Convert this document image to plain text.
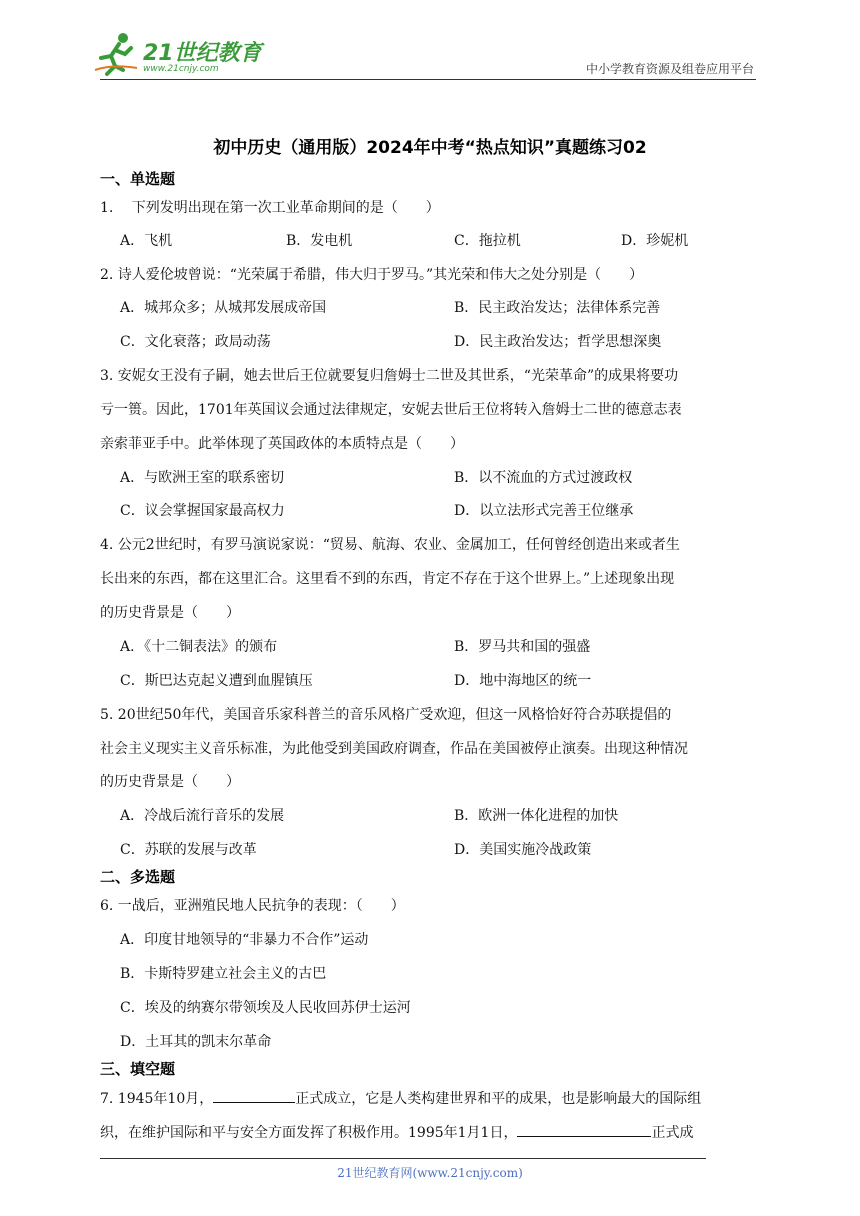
21世纪教育
www.21cnjy.com	中小学教育资源及组卷应用平台
初中历史（通用版）2024年中考“热点知识”真题练习02
一、单选题
1.　 下列发明出现在第一次工业革命期间的是（　　）
A．飞机	B．发电机	C．拖拉机	D．珍妮机
2. 诗人爱伦坡曾说：“光荣属于希腊，伟大归于罗马。”其光荣和伟大之处分别是（　　）
A．城邦众多；从城邦发展成帝国	B．民主政治发达；法律体系完善
C．文化衰落；政局动荡	D．民主政治发达；哲学思想深奥
3. 安妮女王没有子嗣，她去世后王位就要复归詹姆士二世及其世系，“光荣革命”的成果将要功
亏一篑。因此，1701年英国议会通过法律规定，安妮去世后王位将转入詹姆士二世的德意志表
亲索菲亚手中。此举体现了英国政体的本质特点是（　　）
A．与欧洲王室的联系密切	B．以不流血的方式过渡政权
C．议会掌握国家最高权力	D．以立法形式完善王位继承
4. 公元2世纪时，有罗马演说家说：“贸易、航海、农业、金属加工，任何曾经创造出来或者生
长出来的东西，都在这里汇合。这里看不到的东西，肯定不存在于这个世界上。”上述现象出现
的历史背景是（　　）
A．《十二铜表法》的颁布	B．罗马共和国的强盛
C．斯巴达克起义遭到血腥镇压	D．地中海地区的统一
5. 20世纪50年代，美国音乐家科普兰的音乐风格广受欢迎，但这一风格恰好符合苏联提倡的
社会主义现实主义音乐标准，为此他受到美国政府调查，作品在美国被停止演奏。出现这种情况
的历史背景是（　　）
A．冷战后流行音乐的发展	B．欧洲一体化进程的加快
C．苏联的发展与改革	D．美国实施冷战政策
二、多选题
6. 一战后，亚洲殖民地人民抗争的表现：（　　）
A．印度甘地领导的“非暴力不合作”运动
B．卡斯特罗建立社会主义的古巴
C．埃及的纳赛尔带领埃及人民收回苏伊士运河
D．土耳其的凯末尔革命
三、填空题
7. 1945年10月，	正式成立，它是人类构建世界和平的成果，也是影响最大的国际组
织，在维护国际和平与安全方面发挥了积极作用。1995年1月1日，	正式成
21世纪教育网(www.21cnjy.com)
